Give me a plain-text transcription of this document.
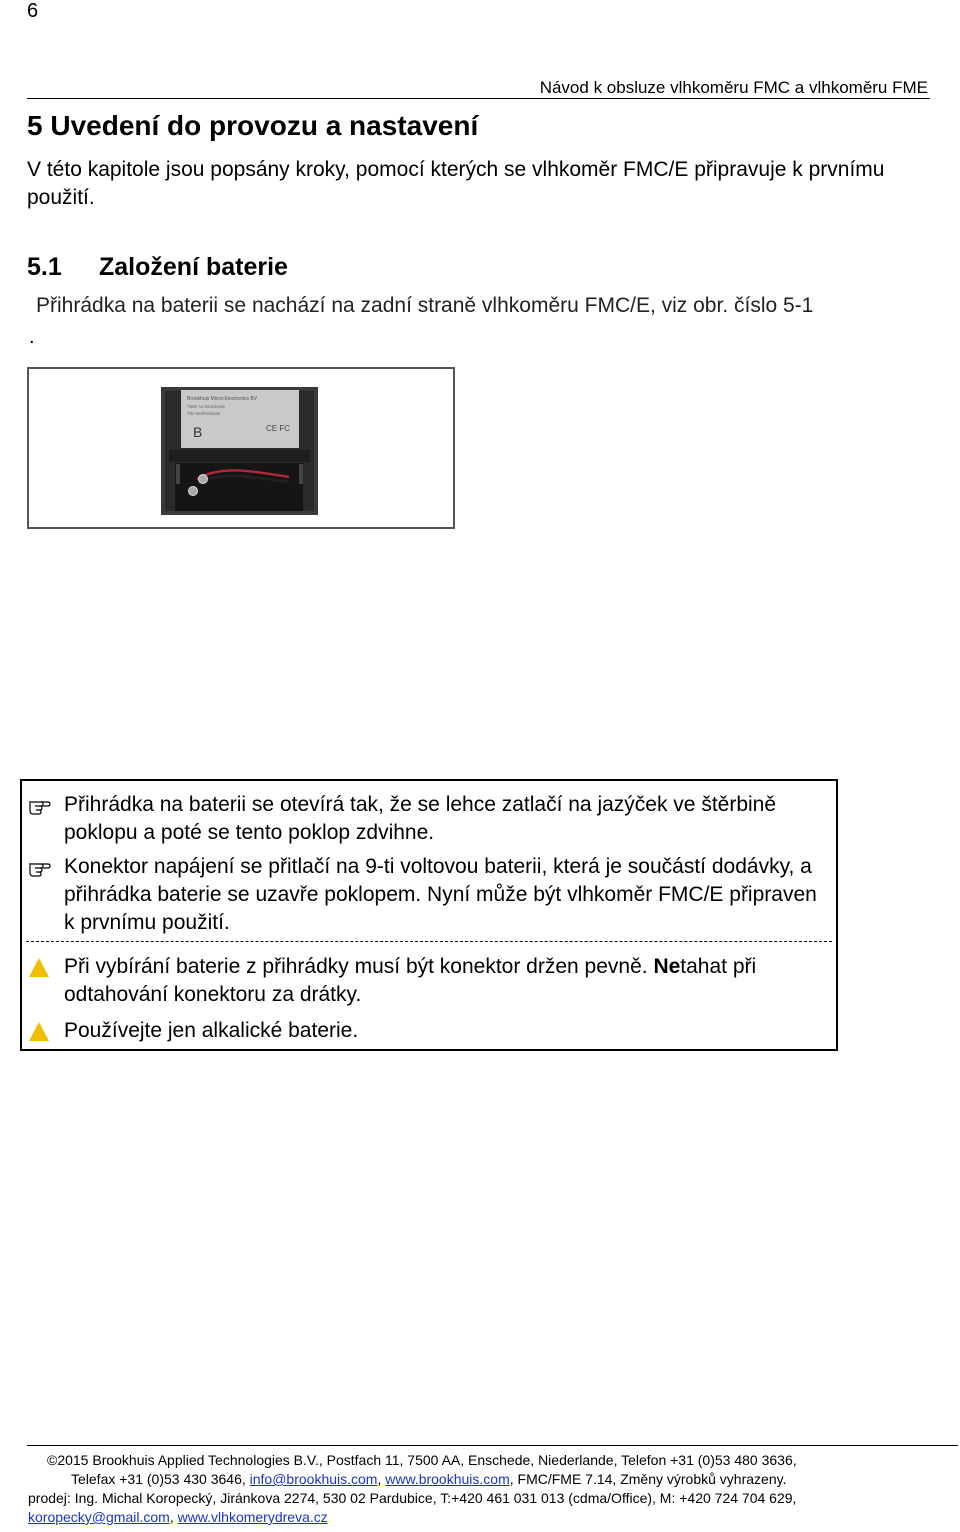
6
Návod k obsluze vlhkoměru FMC a vlhkoměru FME
5 Uvedení do provozu a nastavení
V této kapitole jsou popsány kroky, pomocí kterých se vlhkoměr FMC/E připravuje k prvnímu použití.
5.1 Založení baterie
Přihrádka na baterii se nachází na zadní straně vlhkoměru FMC/E, viz obr. číslo 5-1
.
Brookhuis Micro-Electronics BV
7500 AA Enschede
The Netherlands
CE FC
B
Přihrádka na baterii se otevírá tak, že se lehce zatlačí na jazýček ve štěrbině poklopu a poté se tento poklop zdvihne.
Konektor napájení se přitlačí na 9-ti voltovou baterii, která je součástí dodávky, a přihrádka baterie se uzavře poklopem. Nyní může být vlhkoměr FMC/E připraven k prvnímu použití.
Při vybírání baterie z přihrádky musí být konektor držen pevně. Netahat při odtahování konektoru za drátky.
Používejte jen alkalické baterie.
©2015 Brookhuis Applied Technologies B.V., Postfach 11, 7500 AA, Enschede, Niederlande, Telefon +31 (0)53 480 3636,
Telefax +31 (0)53 430 3646, info@brookhuis.com, www.brookhuis.com, FMC/FME 7.14, Změny výrobků vyhrazeny.
prodej: Ing. Michal Koropecký, Jiránkova 2274, 530 02 Pardubice, T:+420 461 031 013 (cdma/Office), M: +420 724 704 629,
koropecky@gmail.com, www.vlhkomerydreva.cz
